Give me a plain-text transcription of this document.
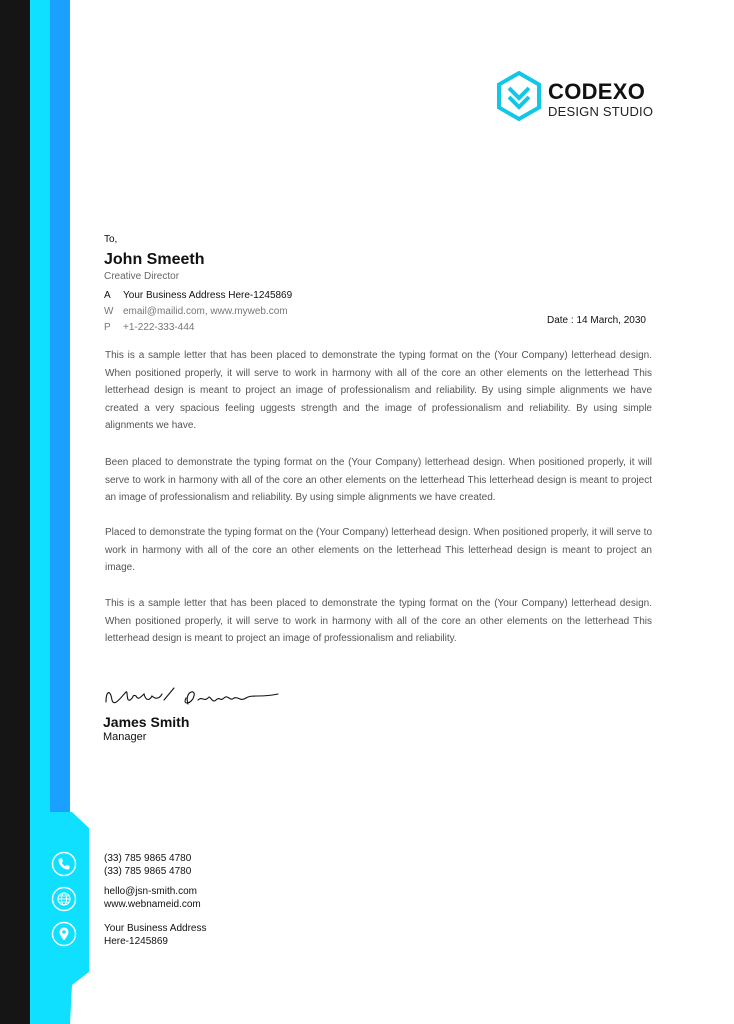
CODEXO
DESIGN STUDIO
To,
John Smeeth
Creative Director
A	Your Business Address Here-1245869
W email@mailid.com, www.myweb.com
P	+1-222-333-444
Date : 14 March, 2030

This is a sample letter that has been placed to demonstrate the typing format on the (Your Company) letterhead design. When positioned properly, it will serve to work in harmony with all of the core an other elements on the letterhead This letterhead design is meant to project an image of professionalism and reliability. By using simple alignments we have created a very spacious feeling uggests strength and the image of professionalism and reliability. By using simple alignments we have.

Been placed to demonstrate the typing format on the (Your Company) letterhead design. When positioned properly, it will serve to work in harmony with all of the core an other elements on the letterhead This letterhead design is meant to project an image of professionalism and reliability. By using simple alignments we have created.

Placed to demonstrate the typing format on the (Your Company) letterhead design. When positioned properly, it will serve to work in harmony with all of the core an other elements on the letterhead This letterhead design is meant to project an image.

This is a sample letter that has been placed to demonstrate the typing format on the (Your Company) letterhead design. When positioned properly, it will serve to work in harmony with all of the core an other elements on the letterhead This letterhead design is meant to project an image of professionalism and reliability.

James Smith
Manager
(33) 785 9865 4780
(33) 785 9865 4780
hello@jsn-smith.com
www.webnameid.com
Your Business Address
Here-1245869
